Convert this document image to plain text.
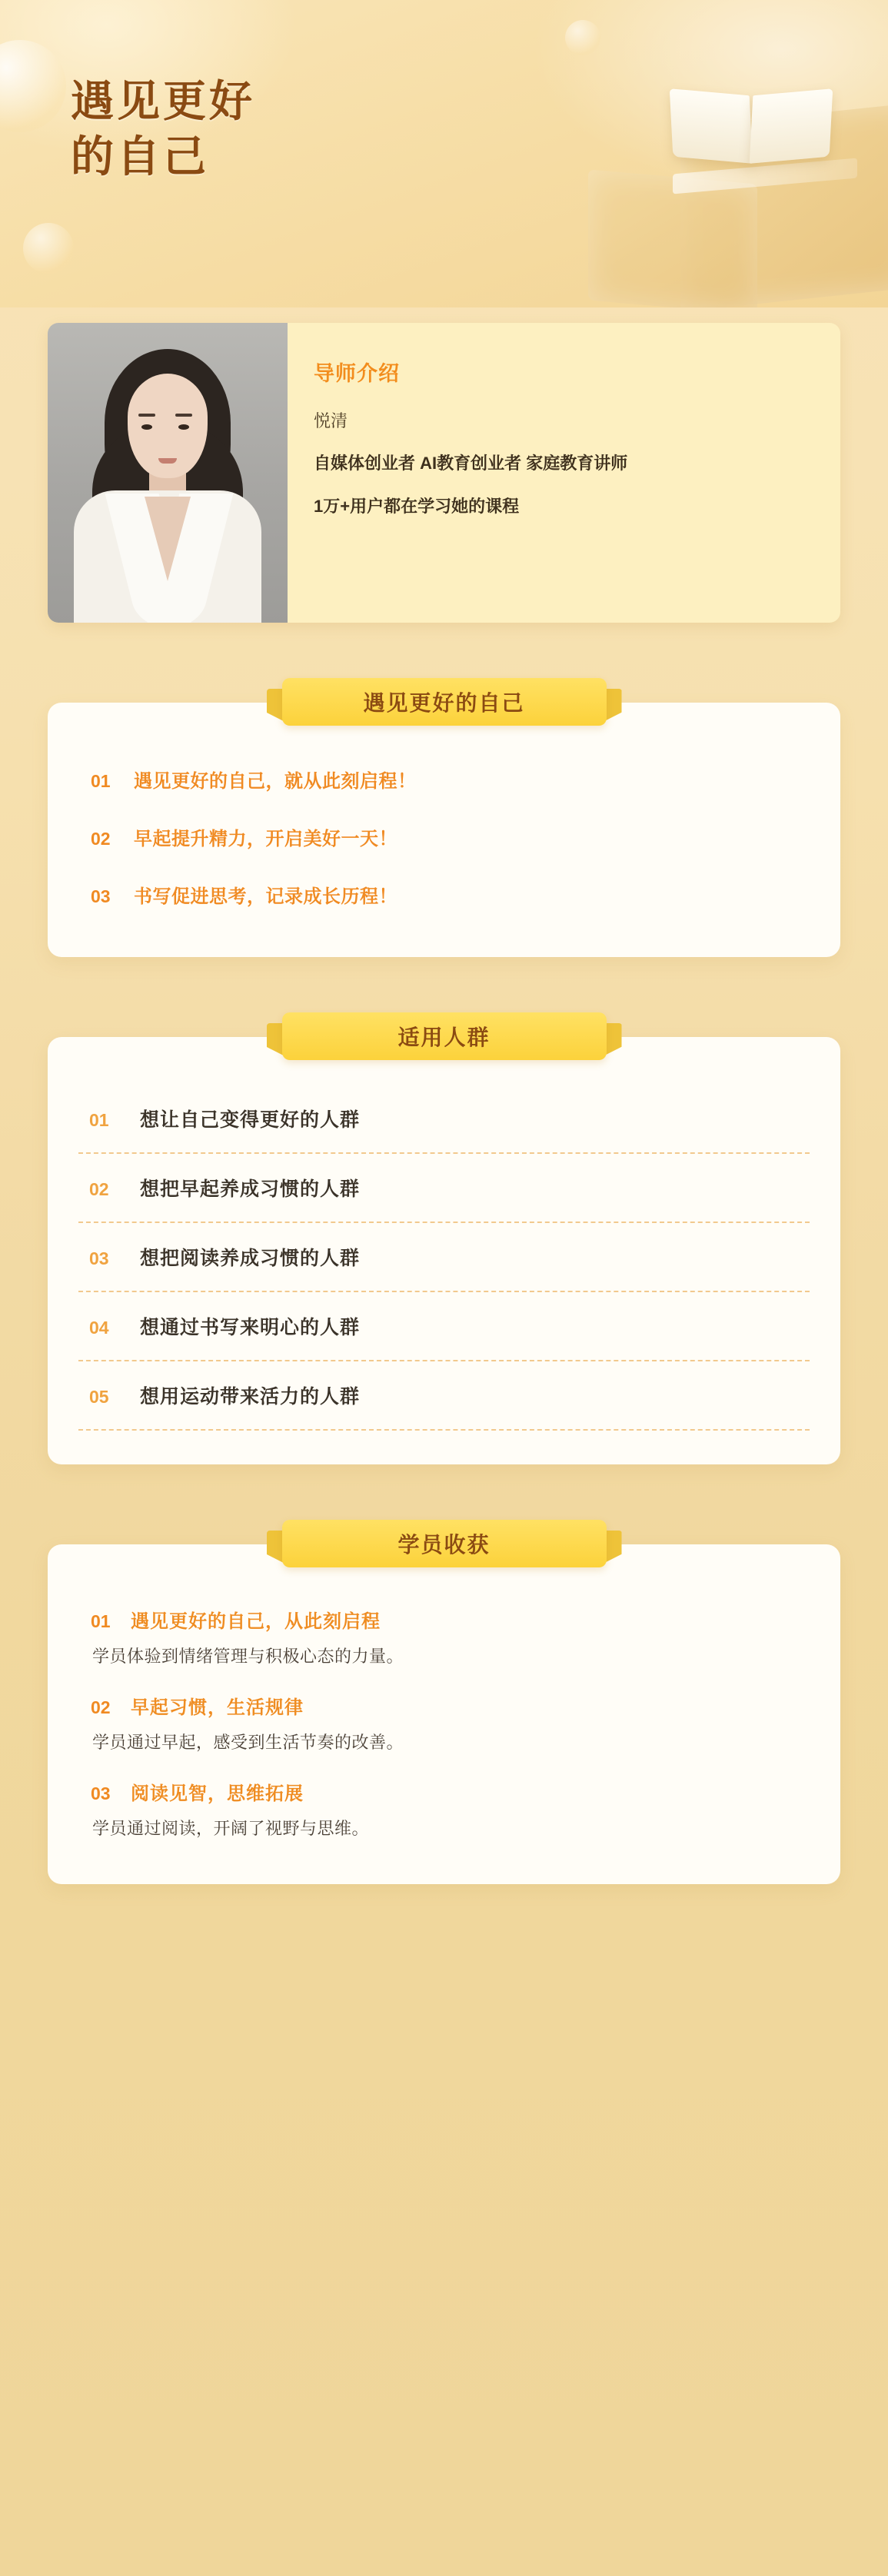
遇见更好
的自己
导师介绍
悦清
自媒体创业者 AI教育创业者 家庭教育讲师
1万+用户都在学习她的课程
遇见更好的自己
01	遇见更好的自己，就从此刻启程！
02	早起提升精力，开启美好一天！
03	书写促进思考，记录成长历程！
适用人群
01	想让自己变得更好的人群
02	想把早起养成习惯的人群
03	想把阅读养成习惯的人群
04	想通过书写来明心的人群
05	想用运动带来活力的人群
学员收获
01	遇见更好的自己，从此刻启程
学员体验到情绪管理与积极心态的力量。
02	早起习惯，生活规律
学员通过早起，感受到生活节奏的改善。
03	阅读见智，思维拓展
学员通过阅读，开阔了视野与思维。
